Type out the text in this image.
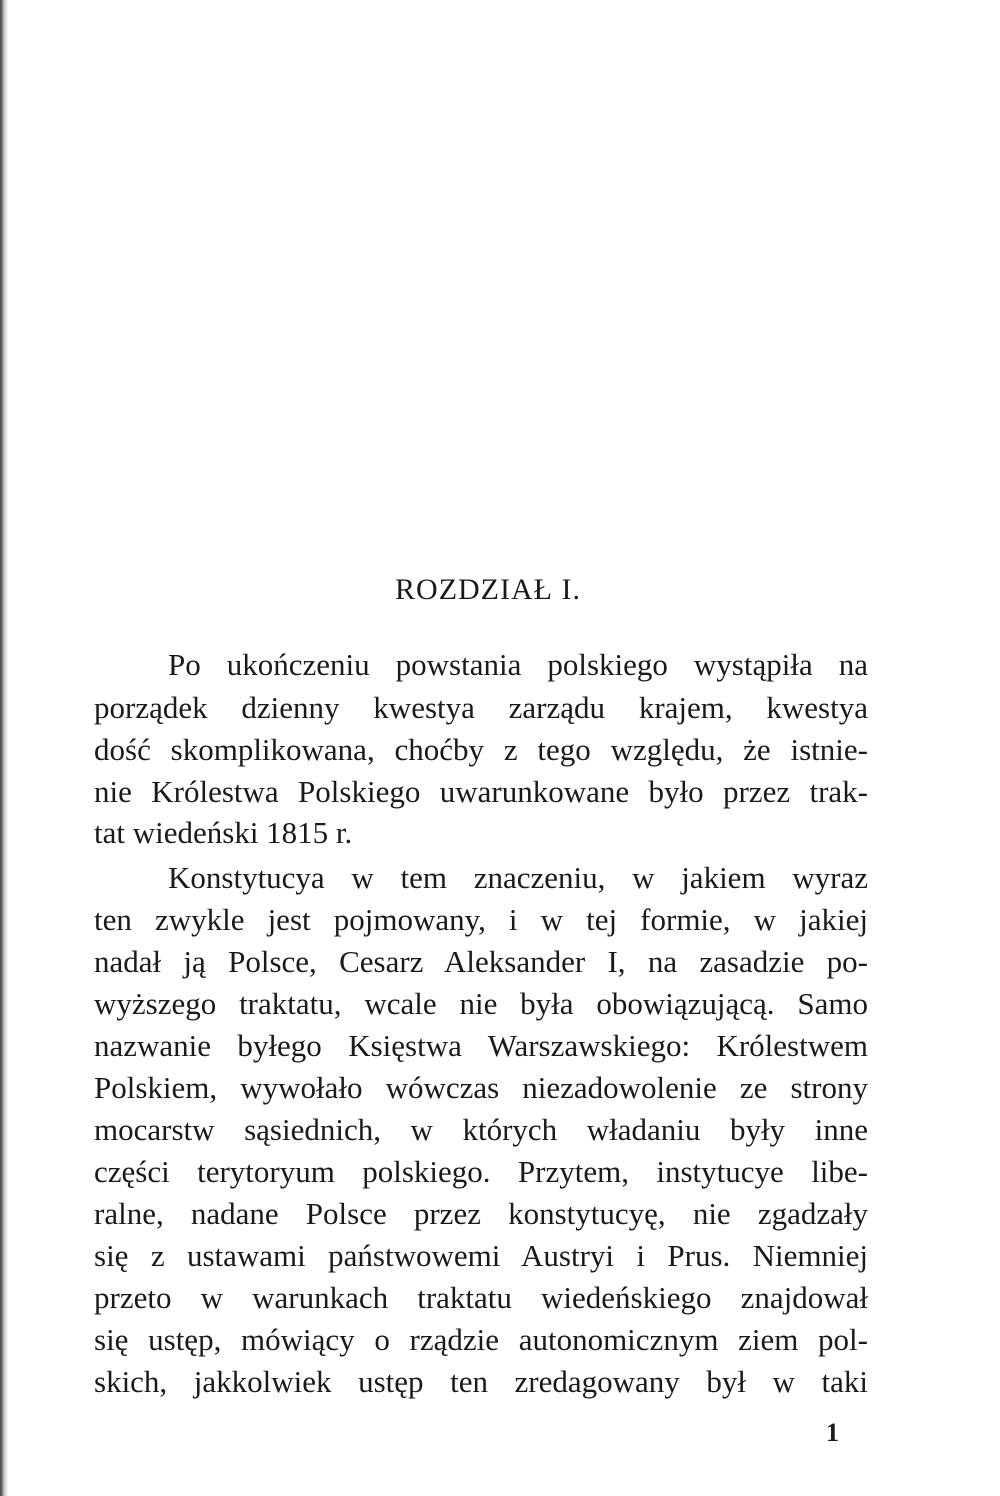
ROZDZIAŁ I.
Po ukończeniu powstania polskiego wystąpiła na
porządek dzienny kwestya zarządu krajem, kwestya
dość skomplikowana, choćby z tego względu, że istnie-
nie Królestwa Polskiego uwarunkowane było przez trak-
tat wiedeński 1815 r.
Konstytucya w tem znaczeniu, w jakiem wyraz
ten zwykle jest pojmowany, i w tej formie, w jakiej
nadał ją Polsce, Cesarz Aleksander I, na zasadzie po-
wyższego traktatu, wcale nie była obowiązującą. Samo
nazwanie byłego Księstwa Warszawskiego: Królestwem
Polskiem, wywołało wówczas niezadowolenie ze strony
mocarstw sąsiednich, w których władaniu były inne
części terytoryum polskiego. Przytem, instytucye libe-
ralne, nadane Polsce przez konstytucyę, nie zgadzały
się z ustawami państwowemi Austryi i Prus. Niemniej
przeto w warunkach traktatu wiedeńskiego znajdował
się ustęp, mówiący o rządzie autonomicznym ziem pol-
skich, jakkolwiek ustęp ten zredagowany był w taki
1
